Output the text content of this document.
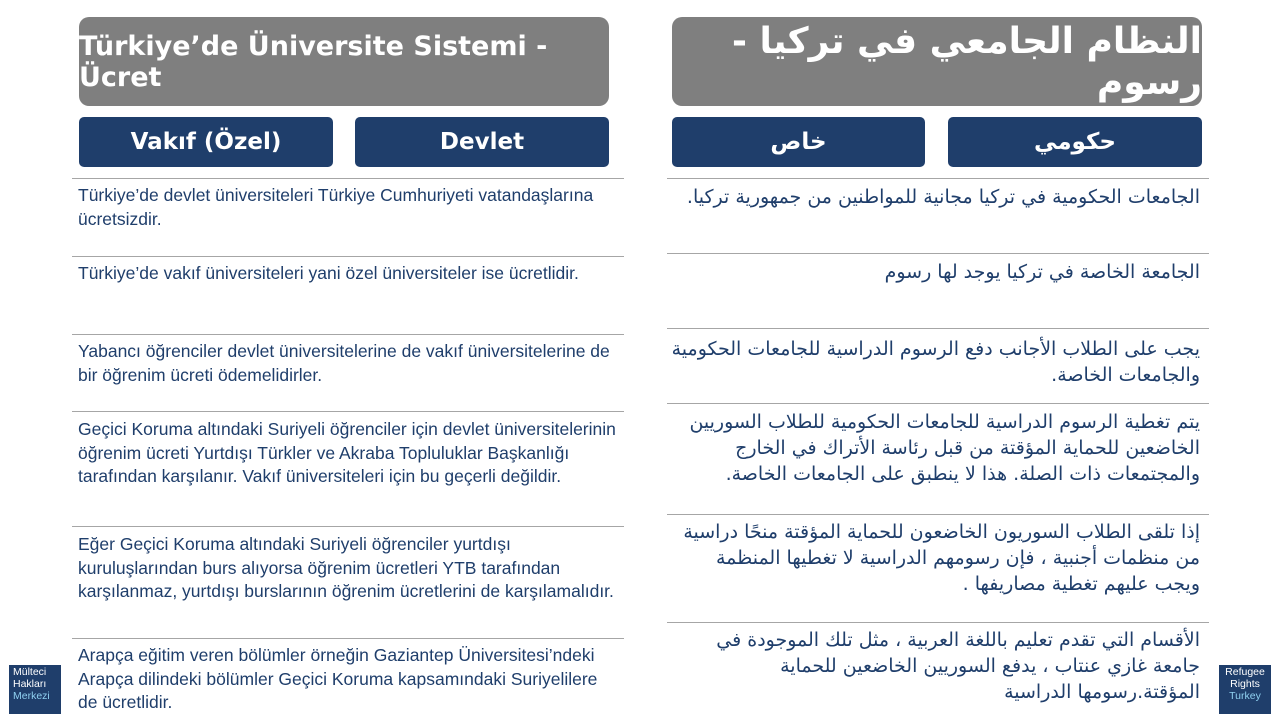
Türkiye’de Üniversite Sistemi - Ücret
النظام الجامعي في تركيا - رسوم
Vakıf (Özel)	Devlet	خاص	حكومي
Türkiye’de devlet üniversiteleri Türkiye Cumhuriyeti vatandaşlarına ücretsizdir.
Türkiye’de vakıf üniversiteleri yani özel üniversiteler ise ücretlidir.
Yabancı öğrenciler devlet üniversitelerine de vakıf üniversitelerine de bir öğrenim ücreti ödemelidirler.
Geçici Koruma altındaki Suriyeli öğrenciler için devlet üniversitelerinin öğrenim ücreti Yurtdışı Türkler ve Akraba Topluluklar Başkanlığı tarafından karşılanır. Vakıf üniversiteleri için bu geçerli değildir.
Eğer Geçici Koruma altındaki Suriyeli öğrenciler yurtdışı kuruluşlarından burs alıyorsa öğrenim ücretleri YTB tarafından karşılanmaz, yurtdışı burslarının öğrenim ücretlerini de karşılamalıdır.
Arapça eğitim veren bölümler örneğin Gaziantep Üniversitesi’ndeki Arapça dilindeki bölümler Geçici Koruma kapsamındaki Suriyelilere de ücretlidir.
الجامعات الحكومية في تركيا مجانية للمواطنين من جمهورية تركيا.
الجامعة الخاصة في تركيا يوجد لها رسوم
يجب على الطلاب الأجانب دفع الرسوم الدراسية للجامعات الحكومية والجامعات الخاصة.
يتم تغطية الرسوم الدراسية للجامعات الحكومية للطلاب السوريين الخاضعين للحماية المؤقتة من قبل رئاسة الأتراك في الخارج والمجتمعات ذات الصلة. هذا لا ينطبق على الجامعات الخاصة.
إذا تلقى الطلاب السوريون الخاضعون للحماية المؤقتة منحًا دراسية من منظمات أجنبية ، فإن رسومهم الدراسية لا تغطيها المنظمة ويجب عليهم تغطية مصاريفها .
الأقسام التي تقدم تعليم باللغة العربية ، مثل تلك الموجودة في جامعة غازي عنتاب ، يدفع السوريين الخاضعين للحماية المؤقتة.رسومها الدراسية
Mülteci
Hakları
Merkezi
Refugee
Rights
Turkey
